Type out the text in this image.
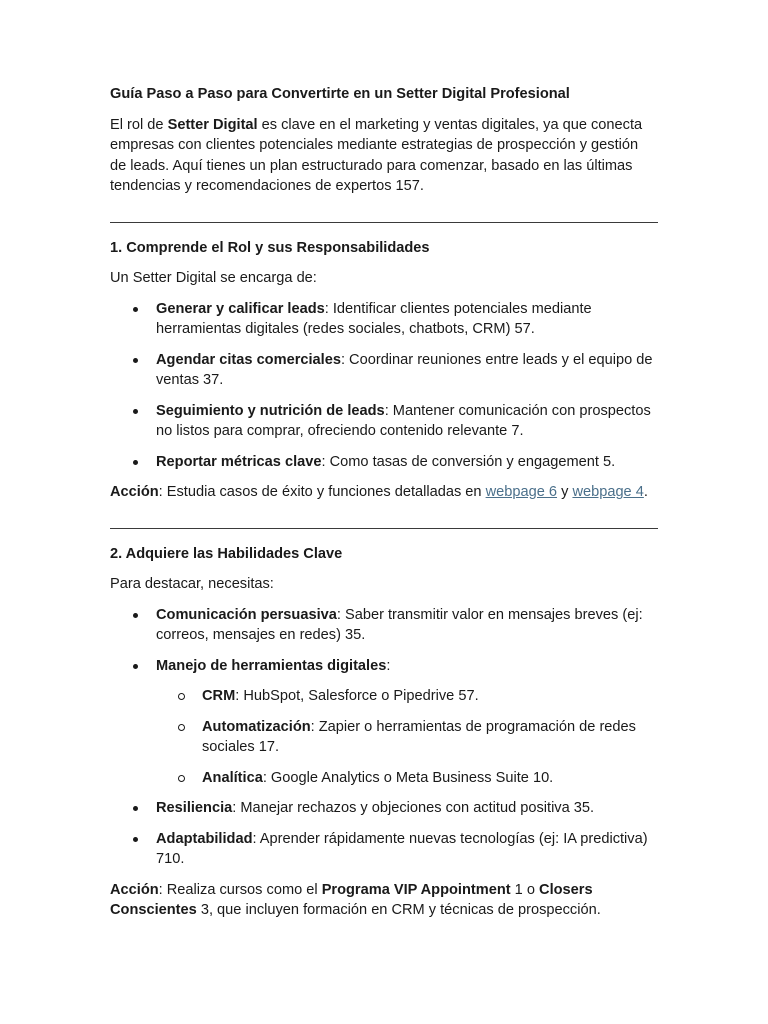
Guía Paso a Paso para Convertirte en un Setter Digital Profesional

El rol de Setter Digital es clave en el marketing y ventas digitales, ya que conecta empresas con clientes potenciales mediante estrategias de prospección y gestión de leads. Aquí tienes un plan estructurado para comenzar, basado en las últimas tendencias y recomendaciones de expertos 157.

1. Comprende el Rol y sus Responsabilidades

Un Setter Digital se encarga de:

Generar y calificar leads: Identificar clientes potenciales mediante herramientas digitales (redes sociales, chatbots, CRM) 57.
Agendar citas comerciales: Coordinar reuniones entre leads y el equipo de ventas 37.
Seguimiento y nutrición de leads: Mantener comunicación con prospectos no listos para comprar, ofreciendo contenido relevante 7.
Reportar métricas clave: Como tasas de conversión y engagement 5.

Acción: Estudia casos de éxito y funciones detalladas en webpage 6 y webpage 4.

2. Adquiere las Habilidades Clave

Para destacar, necesitas:

Comunicación persuasiva: Saber transmitir valor en mensajes breves (ej: correos, mensajes en redes) 35.
Manejo de herramientas digitales:
CRM: HubSpot, Salesforce o Pipedrive 57.
Automatización: Zapier o herramientas de programación de redes sociales 17.
Analítica: Google Analytics o Meta Business Suite 10.
Resiliencia: Manejar rechazos y objeciones con actitud positiva 35.
Adaptabilidad: Aprender rápidamente nuevas tecnologías (ej: IA predictiva) 710.

Acción: Realiza cursos como el Programa VIP Appointment 1 o Closers Conscientes 3, que incluyen formación en CRM y técnicas de prospección.
